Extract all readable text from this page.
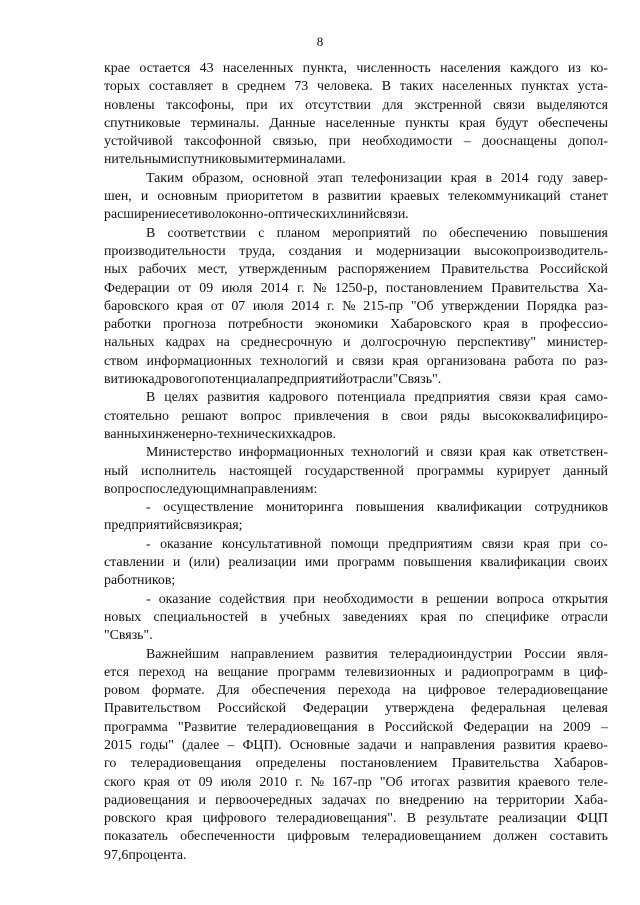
8
крае остается 43 населенных пункта, численность населения каждого из ко-
торых составляет в среднем 73 человека. В таких населенных пунктах уста-
новлены таксофоны, при их отсутствии для экстренной связи выделяются
спутниковые терминалы. Данные населенные пункты края будут обеспечены
устойчивой таксофонной связью, при необходимости – дооснащены допол-
нительными спутниковыми терминалами.
Таким образом, основной этап телефонизации края в 2014 году завер-
шен, и основным приоритетом в развитии краевых телекоммуникаций станет
расширение сети волоконно-оптических линий связи.
В соответствии с планом мероприятий по обеспечению повышения
производительности труда, создания и модернизации высокопроизводитель-
ных рабочих мест, утвержденным распоряжением Правительства Российской
Федерации от 09 июля 2014 г. № 1250-р, постановлением Правительства Ха-
баровского края от 07 июля 2014 г. № 215-пр "Об утверждении Порядка раз-
работки прогноза потребности экономики Хабаровского края в профессио-
нальных кадрах на среднесрочную и долгосрочную перспективу" министер-
ством информационных технологий и связи края организована работа по раз-
витию кадрового потенциала предприятий отрасли "Связь".
В целях развития кадрового потенциала предприятия связи края само-
стоятельно решают вопрос привлечения в свои ряды высококвалифициро-
ванных инженерно-технических кадров.
Министерство информационных технологий и связи края как ответствен-
ный исполнитель настоящей государственной программы курирует данный
вопрос по следующим направлениям:
- осуществление мониторинга повышения квалификации сотрудников
предприятий связи края;
- оказание консультативной помощи предприятиям связи края при со-
ставлении и (или) реализации ими программ повышения квалификации своих
работников;
- оказание содействия при необходимости в решении вопроса открытия
новых специальностей в учебных заведениях края по специфике отрасли
"Связь".
Важнейшим направлением развития телерадиоиндустрии России явля-
ется переход на вещание программ телевизионных и радиопрограмм в циф-
ровом формате. Для обеспечения перехода на цифровое телерадиовещание
Правительством Российской Федерации утверждена федеральная целевая
программа "Развитие телерадиовещания в Российской Федерации на 2009 –
2015 годы" (далее – ФЦП). Основные задачи и направления развития краево-
го телерадиовещания определены постановлением Правительства Хабаров-
ского края от 09 июля 2010 г. № 167-пр "Об итогах развития краевого теле-
радиовещания и первоочередных задачах по внедрению на территории Хаба-
ровского края цифрового телерадиовещания". В результате реализации ФЦП
показатель обеспеченности цифровым телерадиовещанием должен составить
97,6 процента.
